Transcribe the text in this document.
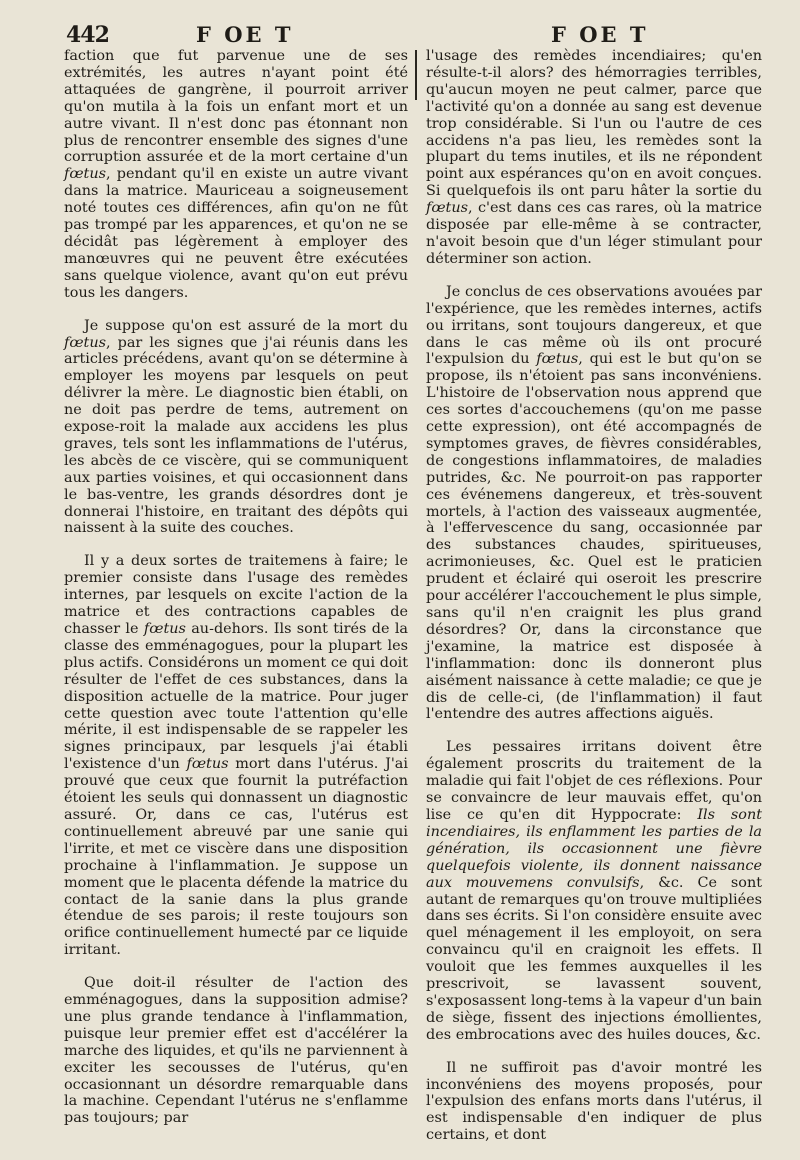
442	F OE T	F OE T

faction que fut parvenue une de ses extrémités, les autres n'ayant point été attaquées de gangrène, il pourroit arriver qu'on mutila à la fois un enfant mort et un autre vivant. Il n'est donc pas étonnant non plus de rencontrer ensemble des signes d'une corruption assurée et de la mort certaine d'un fœtus, pendant qu'il en existe un autre vivant dans la matrice. Mauriceau a soigneusement noté toutes ces différences, afin qu'on ne fût pas trompé par les apparences, et qu'on ne se décidât pas légèrement à employer des manœuvres qui ne peuvent être exécutées sans quelque violence, avant qu'on eut prévu tous les dangers.

Je suppose qu'on est assuré de la mort du fœtus, par les signes que j'ai réunis dans les articles précédens, avant qu'on se détermine à employer les moyens par lesquels on peut délivrer la mère. Le diagnostic bien établi, on ne doit pas perdre de tems, autrement on expose-roit la malade aux accidens les plus graves, tels sont les inflammations de l'utérus, les abcès de ce viscère, qui se communiquent aux parties voisines, et qui occasionnent dans le bas-ventre, les grands désordres dont je donnerai l'histoire, en traitant des dépôts qui naissent à la suite des couches.

Il y a deux sortes de traitemens à faire; le premier consiste dans l'usage des remèdes internes, par lesquels on excite l'action de la matrice et des contractions capables de chasser le fœtus au-dehors. Ils sont tirés de la classe des emménagogues, pour la plupart les plus actifs. Considérons un moment ce qui doit résulter de l'effet de ces substances, dans la disposition actuelle de la matrice. Pour juger cette question avec toute l'attention qu'elle mérite, il est indispensable de se rappeler les signes principaux, par lesquels j'ai établi l'existence d'un fœtus mort dans l'utérus. J'ai prouvé que ceux que fournit la putréfaction étoient les seuls qui donnassent un diagnostic assuré. Or, dans ce cas, l'utérus est continuellement abreuvé par une sanie qui l'irrite, et met ce viscère dans une disposition prochaine à l'inflammation. Je suppose un moment que le placenta défende la matrice du contact de la sanie dans la plus grande étendue de ses parois; il reste toujours son orifice continuellement humecté par ce liquide irritant.

Que doit-il résulter de l'action des emménagogues, dans la supposition admise? une plus grande tendance à l'inflammation, puisque leur premier effet est d'accélérer la marche des liquides, et qu'ils ne parviennent à exciter les secousses de l'utérus, qu'en occasionnant un désordre remarquable dans la machine. Cependant l'utérus ne s'enflamme pas toujours; par

l'usage des remèdes incendiaires; qu'en résulte-t-il alors? des hémorragies terribles, qu'aucun moyen ne peut calmer, parce que l'activité qu'on a donnée au sang est devenue trop considérable. Si l'un ou l'autre de ces accidens n'a pas lieu, les remèdes sont la plupart du tems inutiles, et ils ne répondent point aux espérances qu'on en avoit conçues. Si quelquefois ils ont paru hâter la sortie du fœtus, c'est dans ces cas rares, où la matrice disposée par elle-même à se contracter, n'avoit besoin que d'un léger stimulant pour déterminer son action.

Je conclus de ces observations avouées par l'expérience, que les remèdes internes, actifs ou irritans, sont toujours dangereux, et que dans le cas même où ils ont procuré l'expulsion du fœtus, qui est le but qu'on se propose, ils n'étoient pas sans inconvéniens. L'histoire de l'observation nous apprend que ces sortes d'accouchemens (qu'on me passe cette expression), ont été accompagnés de symptomes graves, de fièvres considérables, de congestions inflammatoires, de maladies putrides, &c. Ne pourroit-on pas rapporter ces événemens dangereux, et très-souvent mortels, à l'action des vaisseaux augmentée, à l'effervescence du sang, occasionnée par des substances chaudes, spiritueuses, acrimonieuses, &c. Quel est le praticien prudent et éclairé qui oseroit les prescrire pour accélérer l'accouchement le plus simple, sans qu'il n'en craignit les plus grand désordres? Or, dans la circonstance que j'examine, la matrice est disposée à l'inflammation: donc ils donneront plus aisément naissance à cette maladie; ce que je dis de celle-ci, (de l'inflammation) il faut l'entendre des autres affections aiguës.

Les pessaires irritans doivent être également proscrits du traitement de la maladie qui fait l'objet de ces réflexions. Pour se convaincre de leur mauvais effet, qu'on lise ce qu'en dit Hyppocrate: Ils sont incendiaires, ils enflamment les parties de la génération, ils occasionnent une fièvre quelquefois violente, ils donnent naissance aux mouvemens convulsifs, &c. Ce sont autant de remarques qu'on trouve multipliées dans ses écrits. Si l'on considère ensuite avec quel ménagement il les employoit, on sera convaincu qu'il en craignoit les effets. Il vouloit que les femmes auxquelles il les prescrivoit, se lavassent souvent, s'exposassent long-tems à la vapeur d'un bain de siège, fissent des injections émollientes, des embrocations avec des huiles douces, &c.

Il ne suffiroit pas d'avoir montré les inconvéniens des moyens proposés, pour l'expulsion des enfans morts dans l'utérus, il est indispensable d'en indiquer de plus certains, et dont
